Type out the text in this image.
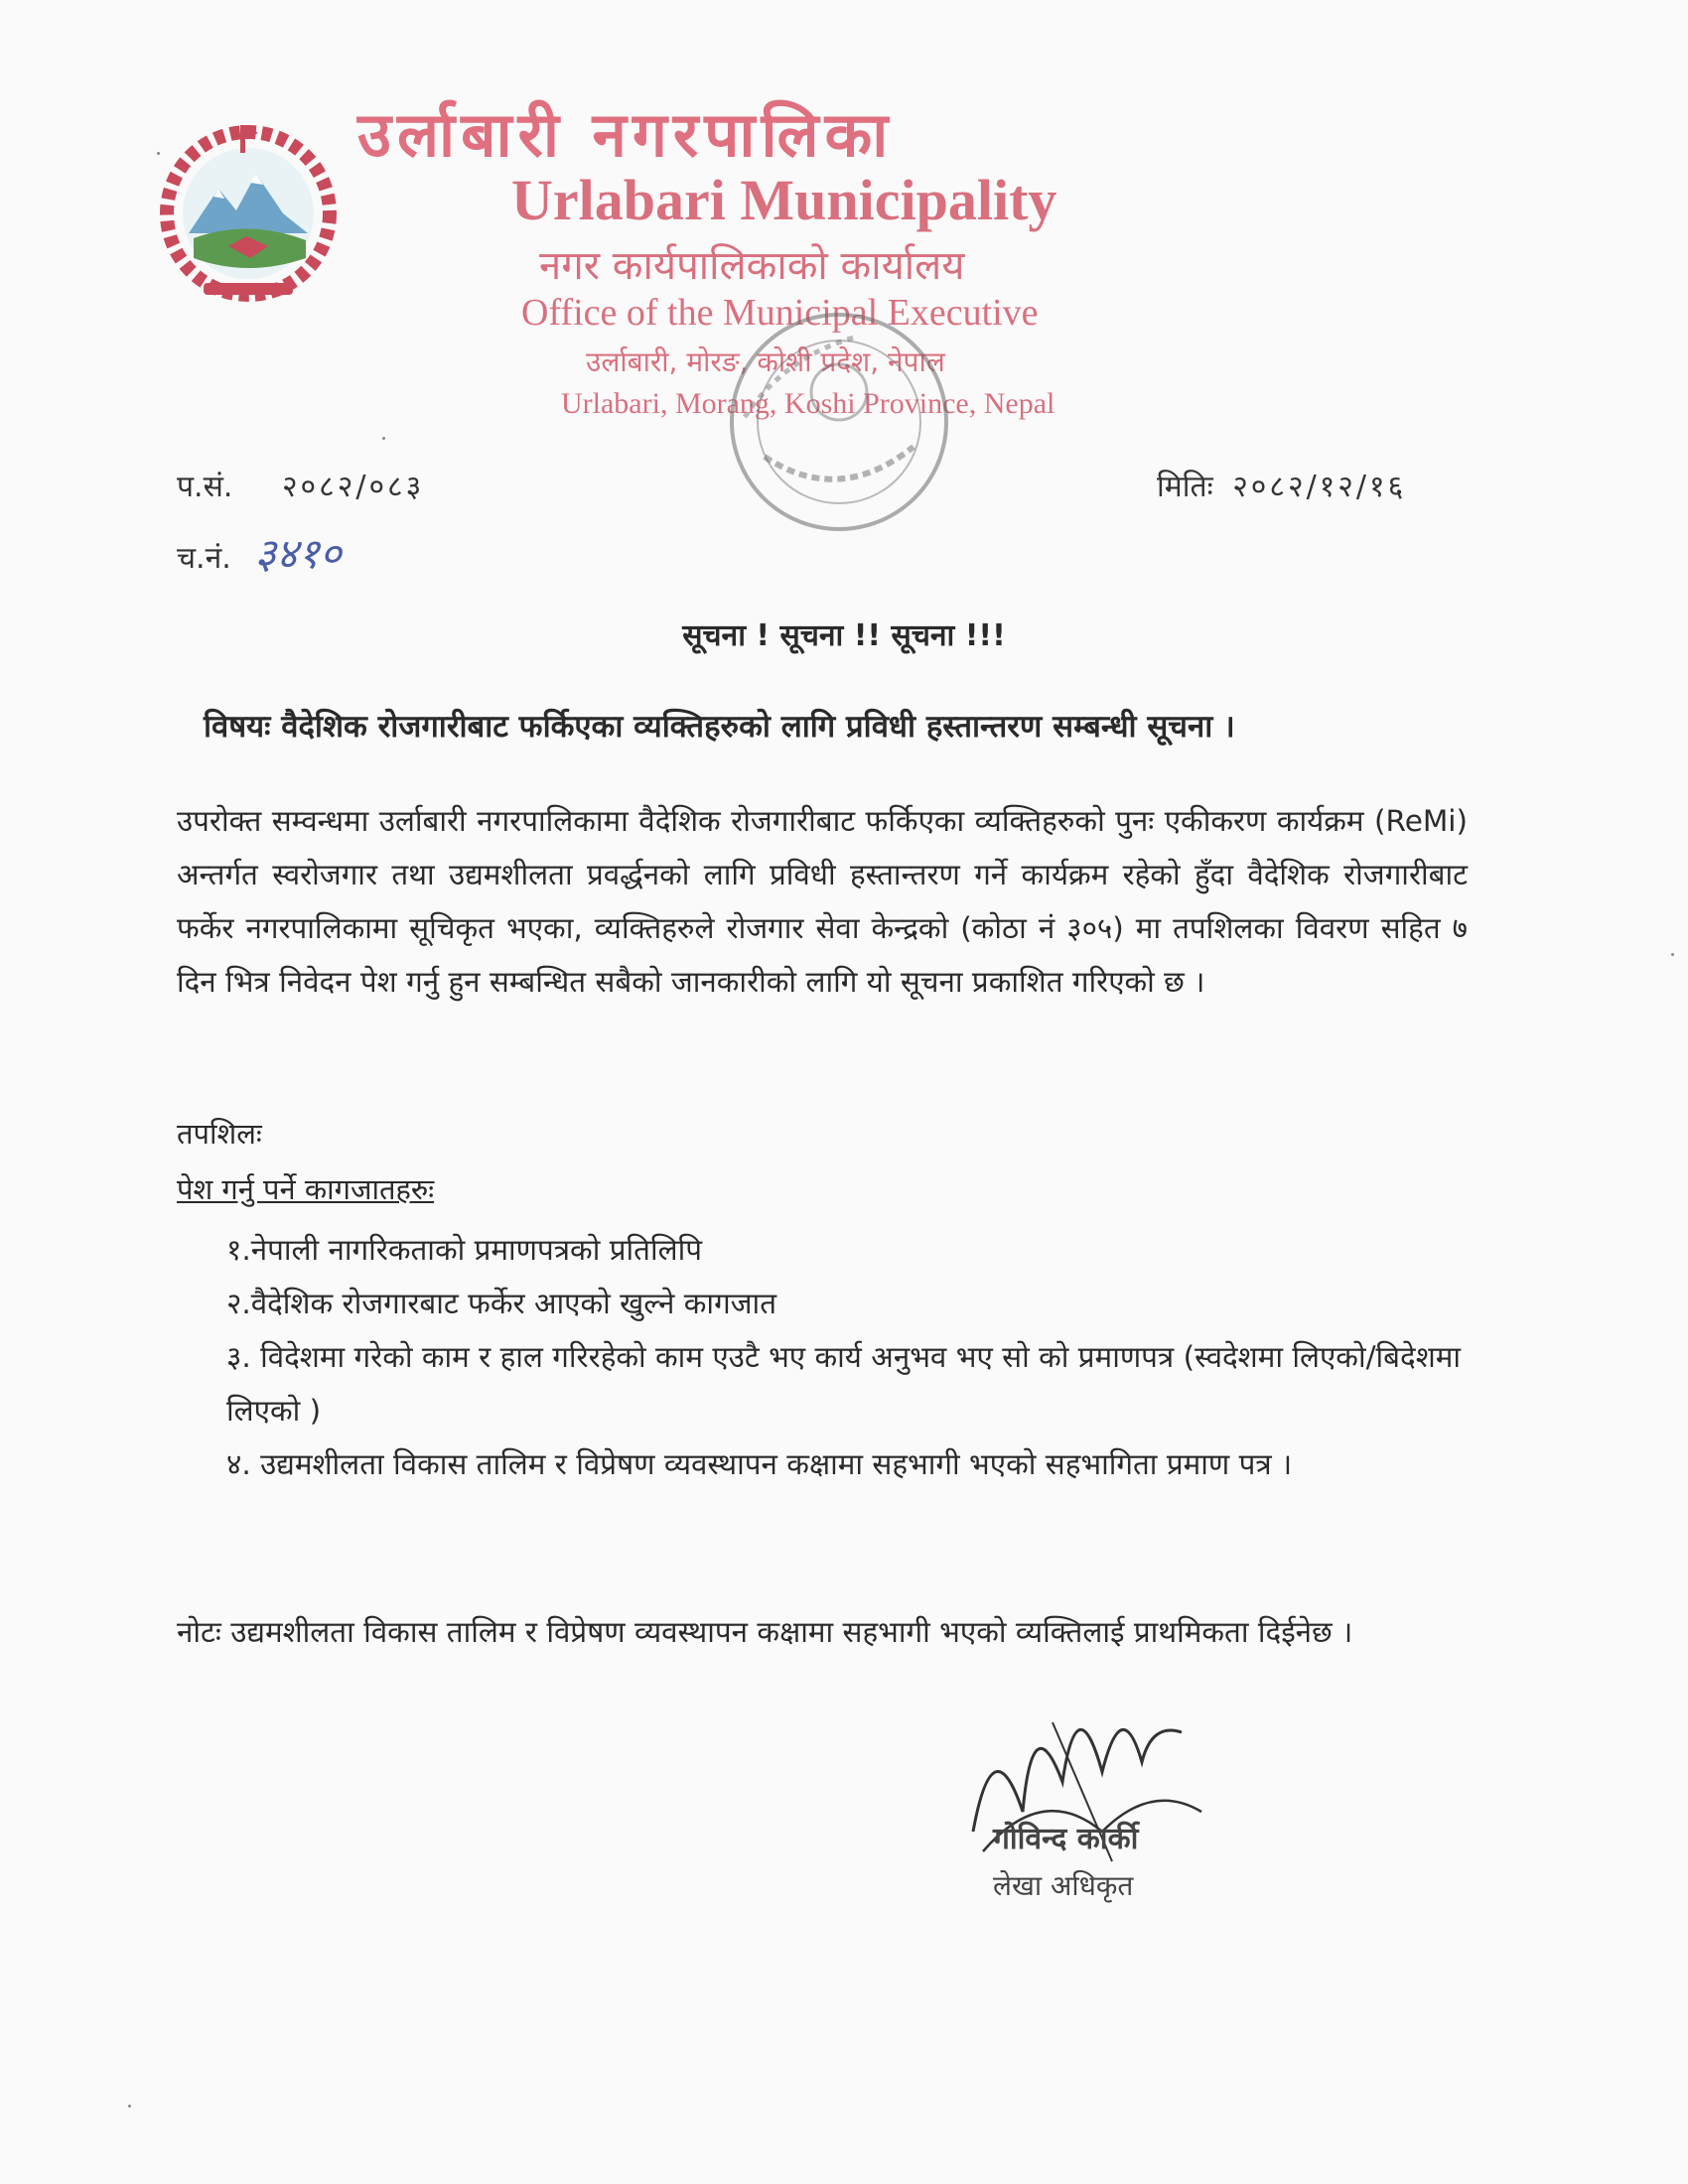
उर्लाबारी नगरपालिका
Urlabari Municipality
नगर कार्यपालिकाको कार्यालय
Office of the Municipal Executive
उर्लाबारी, मोरङ, कोशी प्रदेश, नेपाल
Urlabari, Morang, Koshi Province, Nepal
प.सं. २०८२/०८३
च.नं. ३४१०
मितिः २०८२/१२/१६
सूचना ! सूचना !! सूचना !!!
विषयः वैदेशिक रोजगारीबाट फर्किएका व्यक्तिहरुको लागि प्रविधी हस्तान्तरण सम्बन्धी सूचना ।
उपरोक्त सम्वन्धमा उर्लाबारी नगरपालिकामा वैदेशिक रोजगारीबाट फर्किएका व्यक्तिहरुको पुनः एकीकरण कार्यक्रम (ReMi) अन्तर्गत स्वरोजगार तथा उद्यमशीलता प्रवर्द्धनको लागि प्रविधी हस्तान्तरण गर्ने कार्यक्रम रहेको हुँदा वैदेशिक रोजगारीबाट फर्केर नगरपालिकामा सूचिकृत भएका, व्यक्तिहरुले रोजगार सेवा केन्द्रको (कोठा नं ३०५) मा तपशिलका विवरण सहित ७ दिन भित्र निवेदन पेश गर्नु हुन सम्बन्धित सबैको जानकारीको लागि यो सूचना प्रकाशित गरिएको छ ।
तपशिलः
पेश गर्नु पर्ने कागजातहरुः
१.नेपाली नागरिकताको प्रमाणपत्रको प्रतिलिपि
२.वैदेशिक रोजगारबाट फर्केर आएको खुल्ने कागजात
३. विदेशमा गरेको काम र हाल गरिरहेको काम एउटै भए कार्य अनुभव भए सो को प्रमाणपत्र (स्वदेशमा लिएको/बिदेशमा लिएको )
४. उद्यमशीलता विकास तालिम र विप्रेषण व्यवस्थापन कक्षामा सहभागी भएको सहभागिता प्रमाण पत्र ।
नोटः उद्यमशीलता विकास तालिम र विप्रेषण व्यवस्थापन कक्षामा सहभागी भएको व्यक्तिलाई प्राथमिकता दिईनेछ ।
गोविन्द कार्की
लेखा अधिकृत
